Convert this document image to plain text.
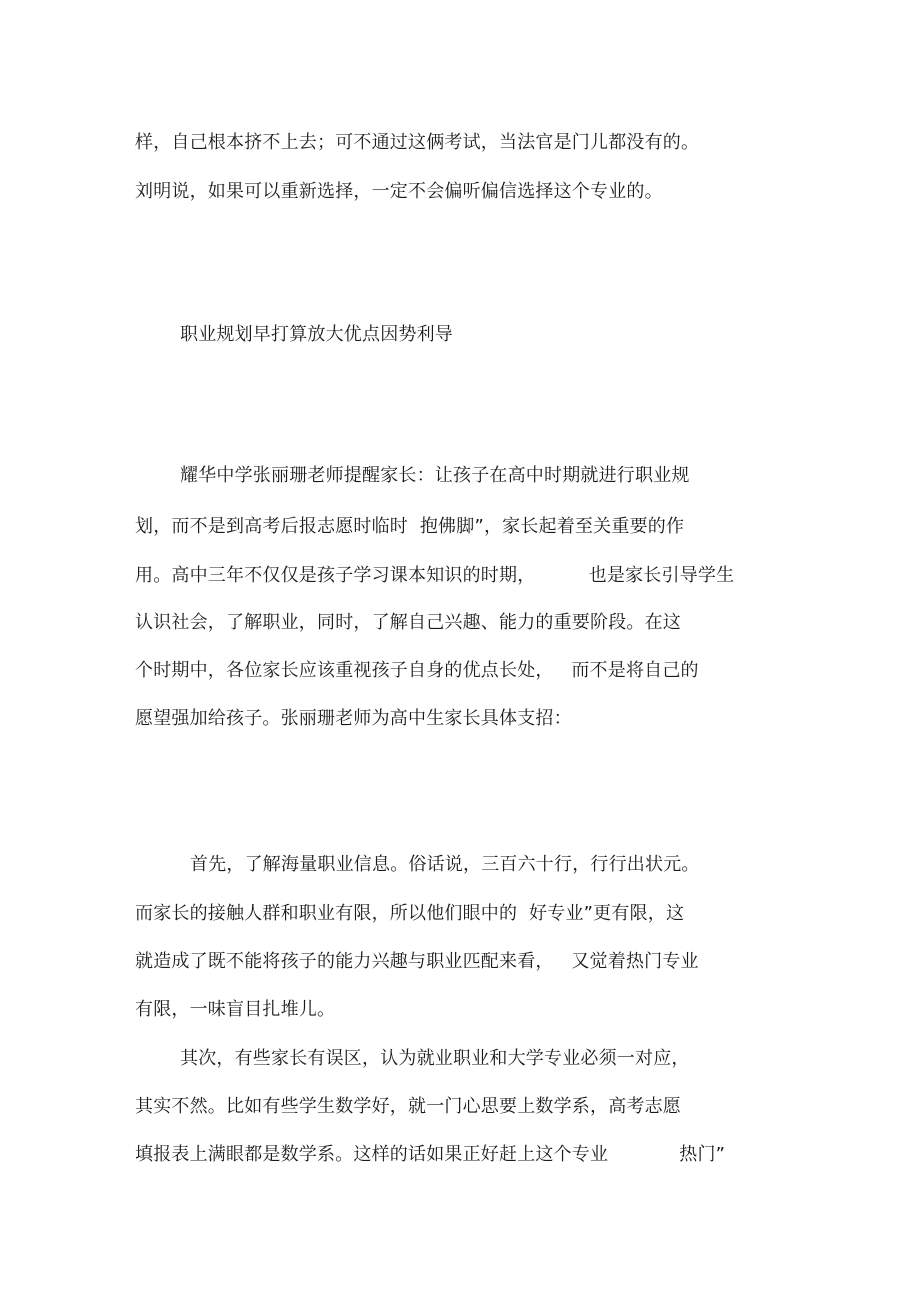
样，自己根本挤不上去；可不通过这俩考试，当法官是门儿都没有的。

刘明说，如果可以重新选择，一定不会偏听偏信选择这个专业的。

职业规划早打算放大优点因势利导

耀华中学张丽珊老师提醒家长：让孩子在高中时期就进行职业规

划，而不是到高考后报志愿时临时  抱佛脚”，家长起着至关重要的作

用。高中三年不仅仅是孩子学习课本知识的时期，         也是家长引导学生

认识社会，了解职业，同时，了解自己兴趣、能力的重要阶段。在这

个时期中，各位家长应该重视孩子自身的优点长处，   而不是将自己的

愿望强加给孩子。张丽珊老师为高中生家长具体支招：

首先，了解海量职业信息。俗话说，三百六十行，行行出状元。

而家长的接触人群和职业有限，所以他们眼中的  好专业”更有限，这

就造成了既不能将孩子的能力兴趣与职业匹配来看，   又觉着热门专业

有限，一味盲目扎堆儿。

其次，有些家长有误区，认为就业职业和大学专业必须一对应，

其实不然。比如有些学生数学好，就一门心思要上数学系，高考志愿

填报表上满眼都是数学系。这样的话如果正好赶上这个专业            热门”
